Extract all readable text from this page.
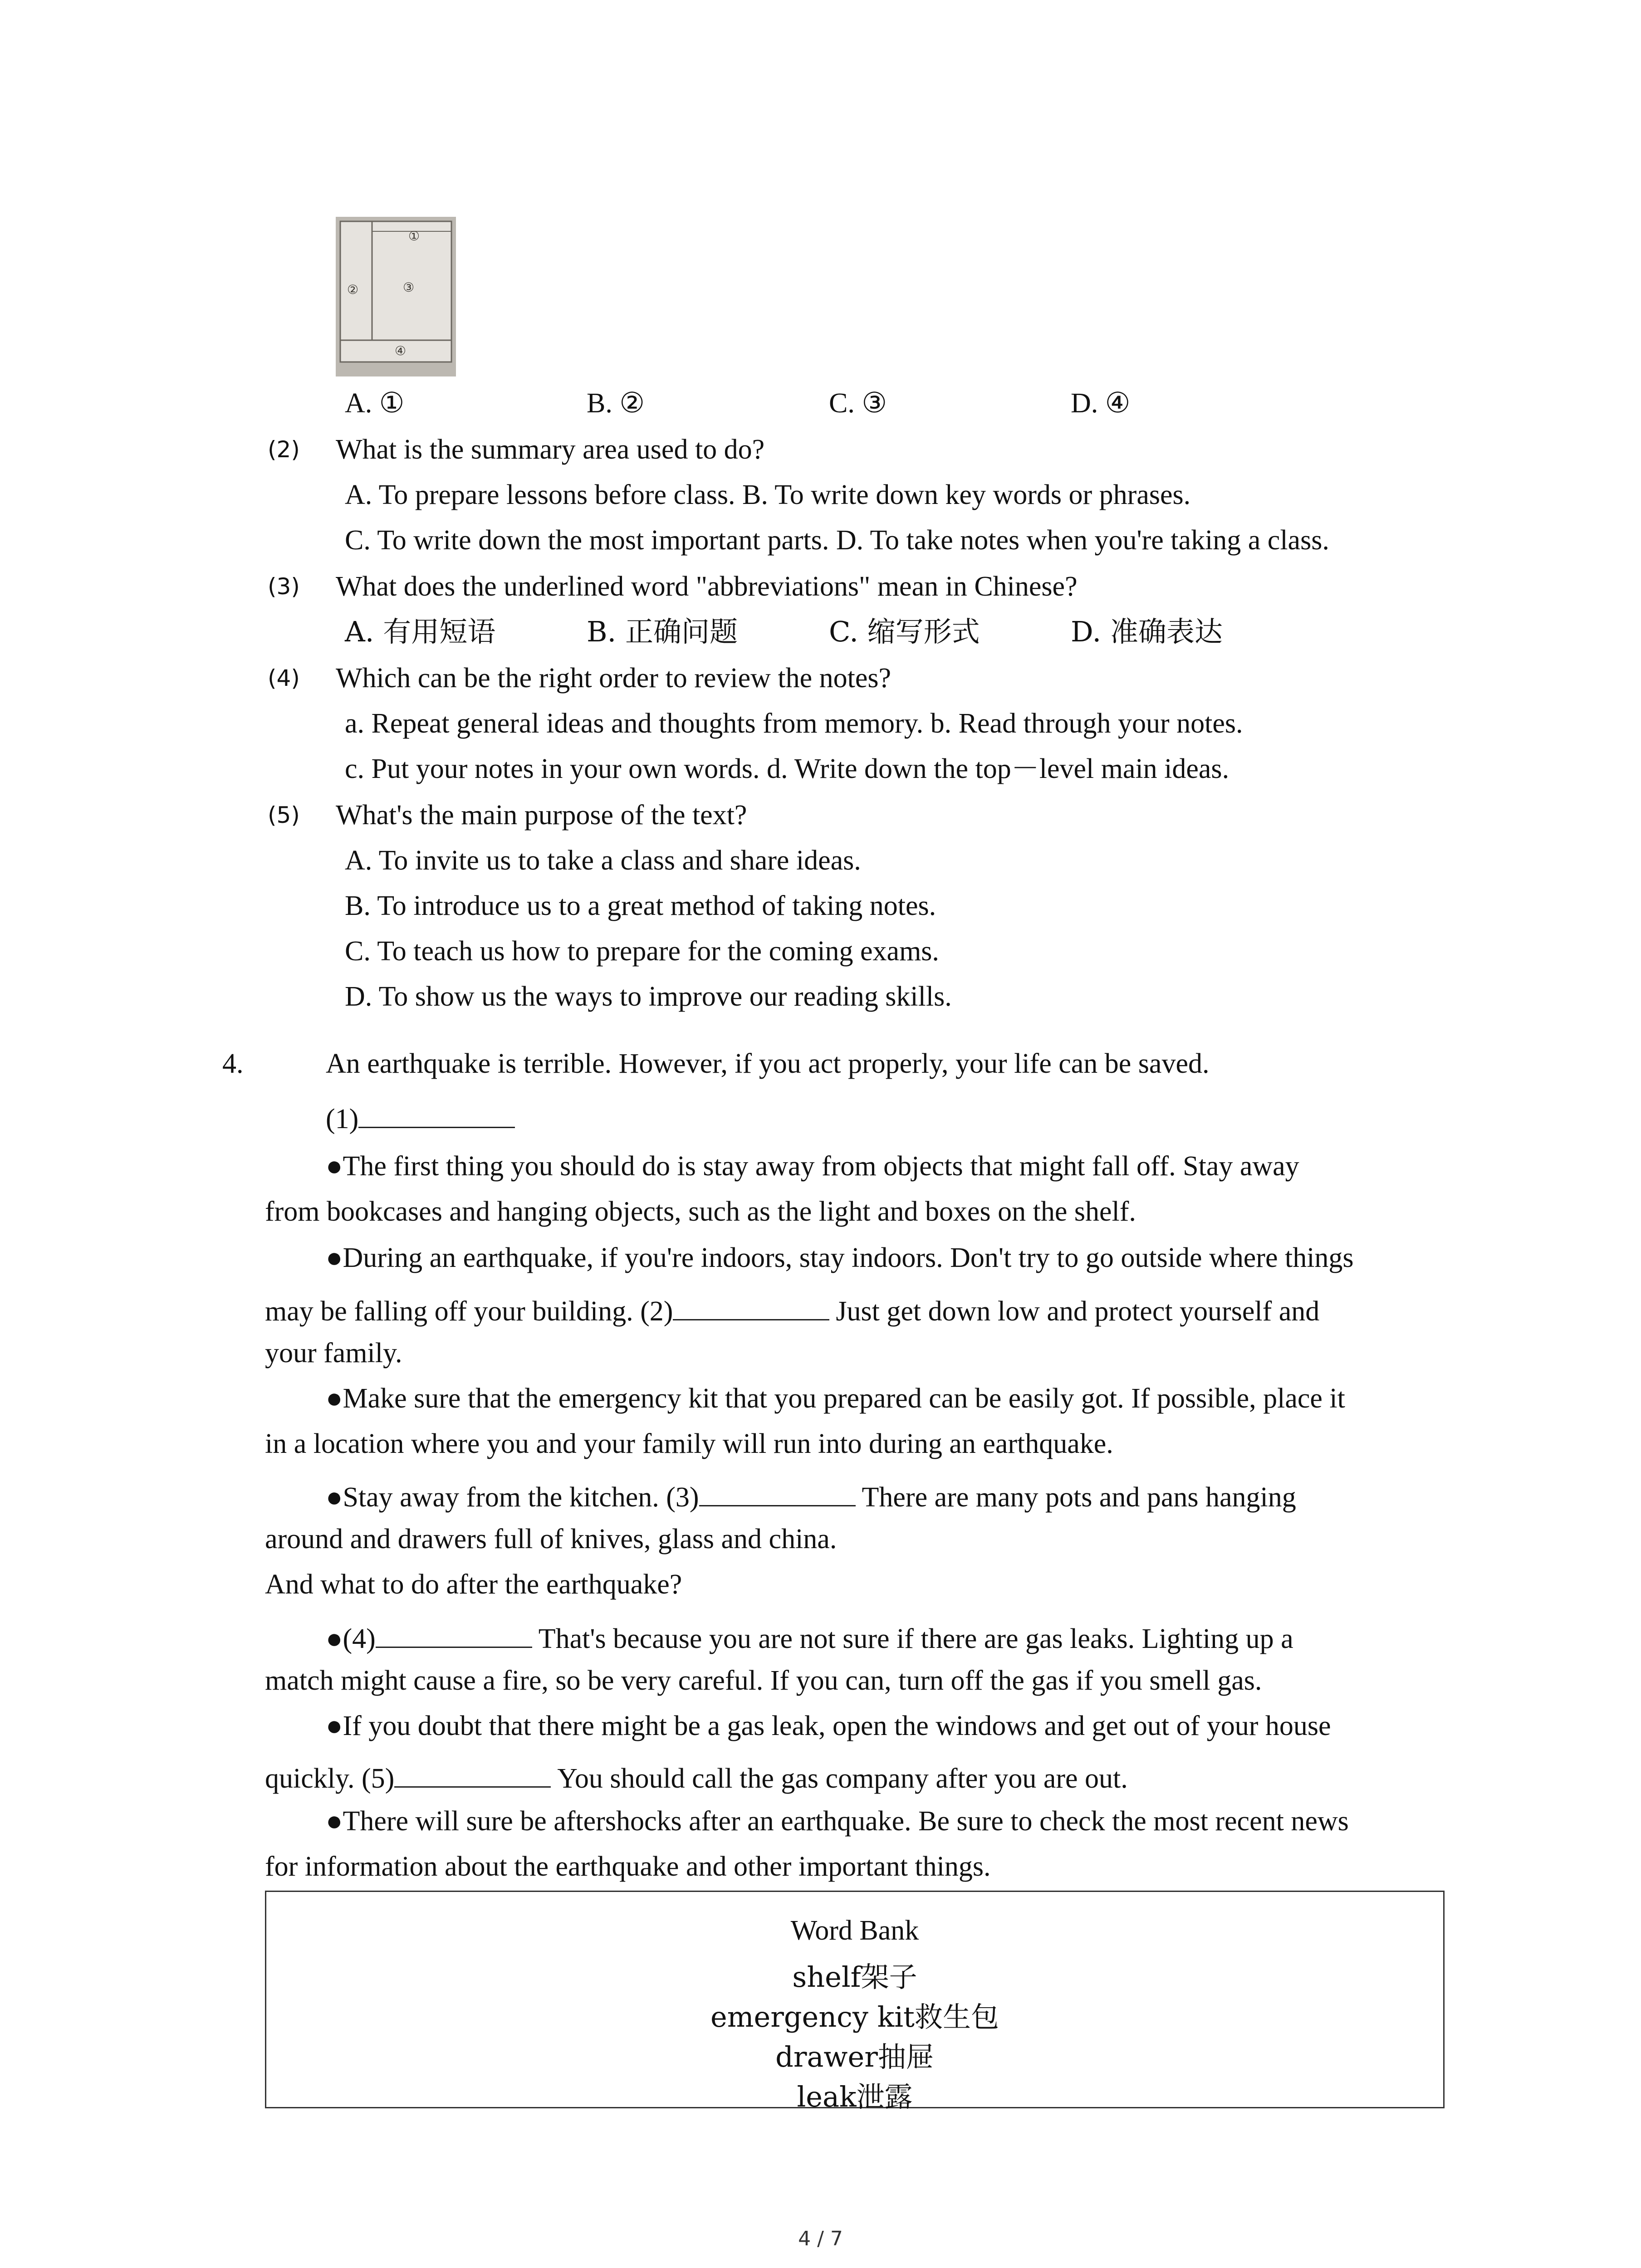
①
②	③
④
A. ①	B. ②	C. ③	D. ④
(2) What is the summary area used to do?
A. To prepare lessons before class. B. To write down key words or phrases.
C. To write down the most important parts. D. To take notes when you're taking a class.
(3) What does the underlined word "abbreviations" mean in Chinese?
A. 有用短语	B. 正确问题	C. 缩写形式	D. 准确表达
(4) Which can be the right order to review the notes?
a. Repeat general ideas and thoughts from memory. b. Read through your notes.
c. Put your notes in your own words. d. Write down the top－level main ideas.
(5) What's the main purpose of the text?
A. To invite us to take a class and share ideas.
B. To introduce us to a great method of taking notes.
C. To teach us how to prepare for the coming exams.
D. To show us the ways to improve our reading skills.
4.	An earthquake is terrible. However, if you act properly, your life can be saved.
(1)
●The first thing you should do is stay away from objects that might fall off. Stay away
from bookcases and hanging objects, such as the light and boxes on the shelf.
●During an earthquake, if you're indoors, stay indoors. Don't try to go outside where things
may be falling off your building. (2)	Just get down low and protect yourself and
your family.
●Make sure that the emergency kit that you prepared can be easily got. If possible, place it
in a location where you and your family will run into during an earthquake.
●Stay away from the kitchen. (3)	There are many pots and pans hanging
around and drawers full of knives, glass and china.
And what to do after the earthquake?
●(4)	That's because you are not sure if there are gas leaks. Lighting up a
match might cause a fire, so be very careful. If you can, turn off the gas if you smell gas.
●If you doubt that there might be a gas leak, open the windows and get out of your house
quickly. (5)	You should call the gas company after you are out.
●There will sure be aftershocks after an earthquake. Be sure to check the most recent news
for information about the earthquake and other important things.
Word Bank
shelf架子
emergency kit救生包
drawer抽屉
leak泄露
4 / 7
